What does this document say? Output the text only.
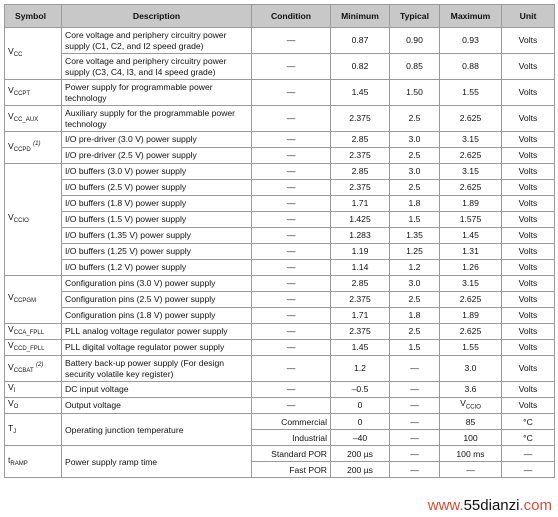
Symbol	Description	Condition	Minimum	Typical	Maximum	Unit
$V_{CC}$	Core voltage and periphery circuitry power supply (C1, C2, and I2 speed grade)	—	0.87	0.90	0.93	Volts
	Core voltage and periphery circuitry power supply (C3, C4, I3, and I4 speed grade)	—	0.82	0.85	0.88	Volts
$V_{CCPT}$	Power supply for programmable power technology	—	1.45	1.50	1.55	Volts
$V_{CC\_AUX}$	Auxiliary supply for the programmable power technology	—	2.375	2.5	2.625	Volts
$V_{CCPD}$ $^{(1)}$	I/O pre-driver (3.0 V) power supply	—	2.85	3.0	3.15	Volts
	I/O pre-driver (2.5 V) power supply	—	2.375	2.5	2.625	Volts
$V_{CCIO}$	I/O buffers (3.0 V) power supply	—	2.85	3.0	3.15	Volts
	I/O buffers (2.5 V) power supply	—	2.375	2.5	2.625	Volts
	I/O buffers (1.8 V) power supply	—	1.71	1.8	1.89	Volts
	I/O buffers (1.5 V) power supply	—	1.425	1.5	1.575	Volts
	I/O buffers (1.35 V) power supply	—	1.283	1.35	1.45	Volts
	I/O buffers (1.25 V) power supply	—	1.19	1.25	1.31	Volts
	I/O buffers (1.2 V) power supply	—	1.14	1.2	1.26	Volts
$V_{CCPGM}$	Configuration pins (3.0 V) power supply	—	2.85	3.0	3.15	Volts
	Configuration pins (2.5 V) power supply	—	2.375	2.5	2.625	Volts
	Configuration pins (1.8 V) power supply	—	1.71	1.8	1.89	Volts
$V_{CCA\_FPLL}$	PLL analog voltage regulator power supply	—	2.375	2.5	2.625	Volts
$V_{CCD\_FPLL}$	PLL digital voltage regulator power supply	—	1.45	1.5	1.55	Volts
$V_{CCBAT}$ $^{(2)}$	Battery back-up power supply (For design security volatile key register)	—	1.2	—	3.0	Volts
$V_I$	DC input voltage	—	–0.5	—	3.6	Volts
$V_O$	Output voltage	—	0	—	$V_{CCIO}$	Volts
$T_J$	Operating junction temperature	Commercial	0	—	85	°C
		Industrial	–40	—	100	°C
$t_{RAMP}$	Power supply ramp time	Standard POR	200 µs	—	100 ms	—
		Fast POR	200 µs	—	—	—
www.55dianzi.com
